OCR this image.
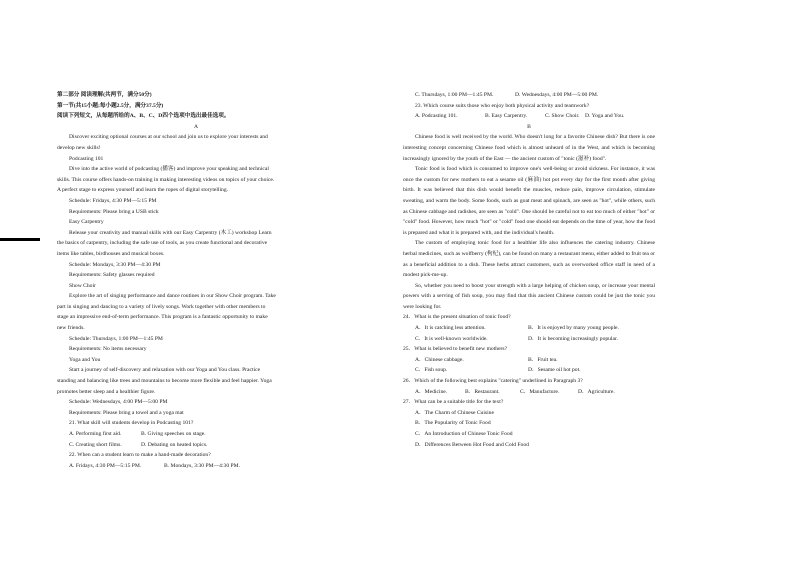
第二部分 阅读理解(共两节，满分50分)

第一节(共15小题;每小题2.5分，满分37.5分)

阅读下列短文，从每题所给的A、B、C、D四个选项中选出最佳选项。

A

Discover exciting optional courses at our school and join us to explore your interests and

develop new skills!

Podcasting 101

Dive into the active world of podcasting (播客) and improve your speaking and technical

skills. This course offers hands-on training in making interesting videos on topics of your choice.

A perfect stage to express yourself and learn the ropes of digital storytelling.

Schedule: Fridays, 4:30 PM—5:15 PM

Requirements: Please bring a USB stick

Easy Carpentry

Release your creativity and manual skills with our Easy Carpentry (木工) workshop Learn

the basics of carpentry, including the safe use of tools, as you create functional and decorative

items like tables, birdhouses and musical boxes.

Schedule: Mondays, 3:30 PM—4:30 PM

Requirements: Safety glasses required

Show Choir

Explore the art of singing performance and dance routines in our Show Choir program. Take

part in singing and dancing to a variety of lively songs. Work together with other members to

stage an impressive end-of-term performance. This program is a fantastic opportunity to make

new friends.

Schedule: Thursdays, 1:00 PM—1:45 PM

Requirements: No items necessary

Yoga and You

Start a journey of self-discovery and relaxation with our Yoga and You class. Practice

standing and balancing like trees and mountains to become more flexible and feel happier. Yoga

promotes better sleep and a healthier figure.

Schedule: Wednesdays, 4:00 PM—5:00 PM

Requirements: Please bring a towel and a yoga mat

21. What skill will students develop in Podcasting 101?

A. Performing first aid.	B. Giving speeches on stage.

C. Creating short films.	D. Debating on heated topics.

22. When can a student learn to make a hand-made decoration?

A. Fridays, 4:30 PM—5:15 PM.	B. Mondays, 3:30 PM—4:30 PM.

C. Thursdays, 1:00 PM—1:45 PM.	D. Wednesdays, 4:00 PM—5:00 PM.

23. Which course suits those who enjoy both physical activity and teamwork?

A. Podcasting 101.	B. Easy Carpentry.	C. Show Choir. D. Yoga and You.

B

Chinese food is well received by the world. Who doesn't long for a favorite Chinese dish? But there is one interesting concept concerning Chinese food which is almost unheard of in the West, and which is becoming increasingly ignored by the youth of the East — the ancient custom of "tonic (滋补) food".

Tonic food is food which is consumed to improve one's well-being or avoid sickness. For instance, it was once the custom for new mothers to eat a sesame oil (麻油) hot pot every day for the first month after giving birth. It was believed that this dish would benefit the muscles, reduce pain, improve circulation, stimulate sweating, and warm the body. Some foods, such as goat meat and spinach, are seen as "hot", while others, such as Chinese cabbage and radishes, are seen as "cold". One should be careful not to eat too much of either "hot" or "cold" food. However, how much "hot" or "cold" food one should eat depends on the time of year, how the food is prepared and what it is prepared with, and the individual's health.

The custom of employing tonic food for a healthier life also influences the catering industry. Chinese herbal medicines, such as wolfberry (枸杞), can be found on many a restaurant menu, either added to fruit tea or as a beneficial addition to a dish. These herbs attract customers, such as overworked office staff in need of a modest pick-me-up.

So, whether you need to boost your strength with a large helping of chicken soup, or increase your mental powers with a serving of fish soup, you may find that this ancient Chinese custom could be just the tonic you were looking for.

24．What is the present situation of tonic food?

A．It is catching less attention.	B．It is enjoyed by many young people.

C．It is well-known worldwide.	D．It is becoming increasingly popular.

25．What is believed to benefit new mothers?

A．Chinese cabbage.	B．Fruit tea.

C．Fish soup.	D．Sesame oil hot pot.

26．Which of the following best explains "catering" underlined in Paragraph 3?

A．Medicine.	B．Restaurant.	C．Manufacture.	D．Agriculture.

27．What can be a suitable title for the text?

A．The Charm of Chinese Cuisine

B．The Popularity of Tonic Food

C．An Introduction of Chinese Tonic Food

D．Differences Between Hot Food and Cold Food
